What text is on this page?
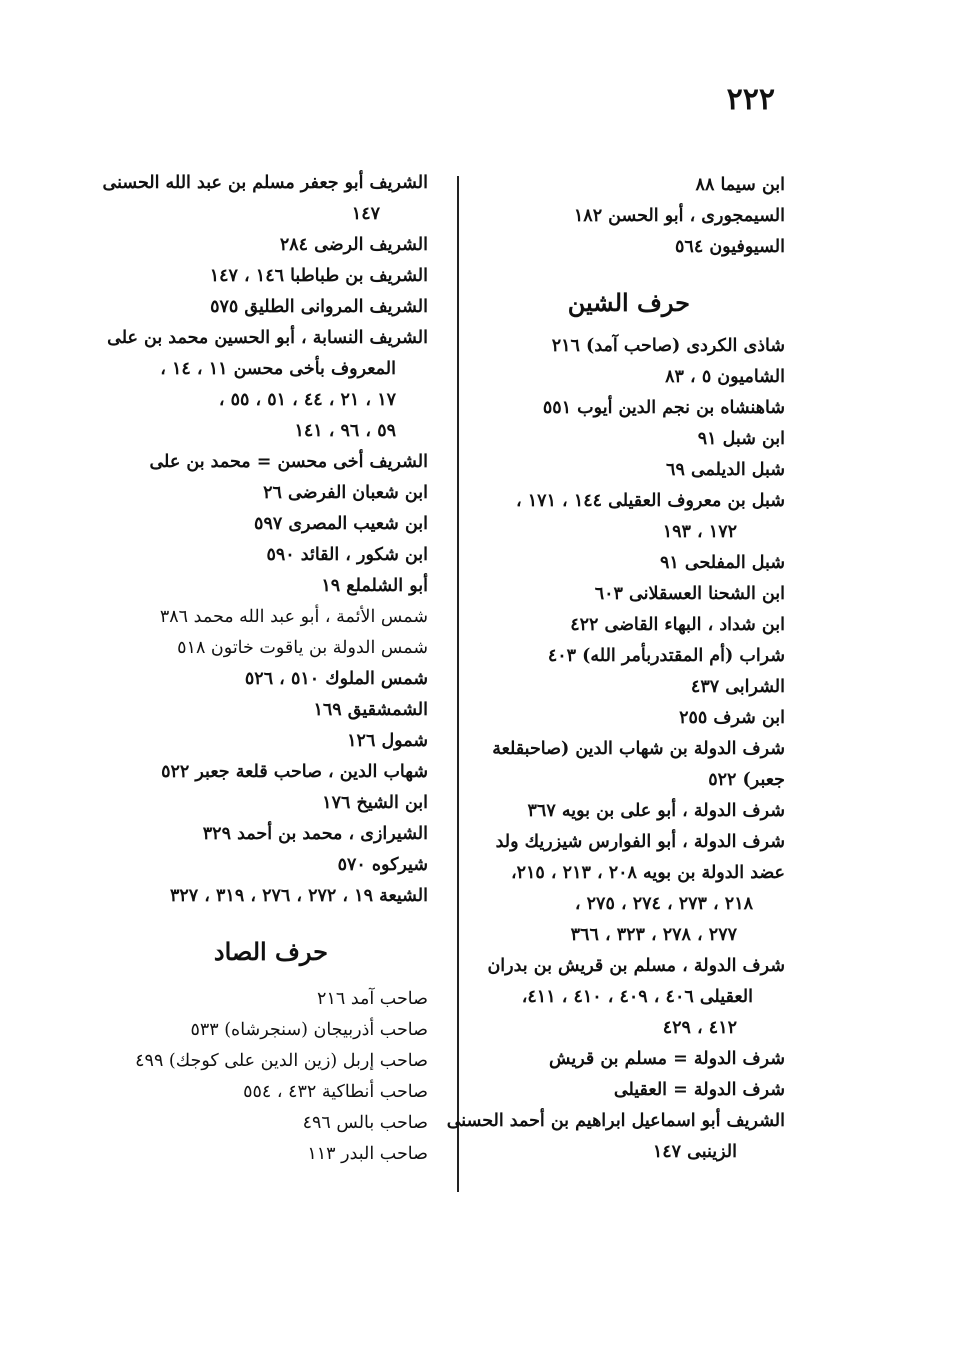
٢٢٢
ابن سيما ٨٨
السيمجورى ، أبو الحسن ١٨٢
السيوفيون ٥٦٤
حرف الشين
شاذى الكردى (صاحب آمد) ٢١٦
الشاميون ٥ ، ٨٣
شاهنشاه بن نجم الدين أيوب ٥٥١
ابن شبل ٩١
شبل الديلمى ٦٩
شبل بن معروف العقيلى ١٤٤ ، ١٧١ ،
١٧٢ ، ١٩٣
شبل المفلحى ٩١
ابن الشحنا العسقلانى ٦٠٣
ابن شداد ، البهاء القاضى ٤٢٢
شراب (أم المقتدربأمر الله) ٤٠٣
الشرابى ٤٣٧
ابن شرف ٢٥٥
شرف الدولة بن شهاب الدين (صاحبقلعة
جعبر) ٥٢٢
شرف الدولة ، أبو على بن بويه ٣٦٧
شرف الدولة ، أبو الفوارس شيزريك ولد
عضد الدولة بن بويه ٢٠٨ ، ٢١٣ ، ٢١٥،
٢١٨ ، ٢٧٣ ، ٢٧٤ ، ٢٧٥ ،
٢٧٧ ، ٢٧٨ ، ٣٢٣ ، ٣٦٦
شرف الدولة ، مسلم بن قريش بن بدران
العقيلى ٤٠٦ ، ٤٠٩ ، ٤١٠ ، ٤١١،
٤١٢ ، ٤٢٩
شرف الدولة = مسلم بن قريش
شرف الدولة = العقيلى
الشريف أبو اسماعيل ابراهيم بن أحمد الحسنى
الزينبى ١٤٧
الشريف أبو جعفر مسلم بن عبد الله الحسنى
١٤٧
الشريف الرضى ٢٨٤
الشريف بن طباطبا ١٤٦ ، ١٤٧
الشريف المروانى الطليق ٥٧٥
الشريف النسابة ، أبو الحسين محمد بن على
المعروف بأخى محسن ١١ ، ١٤ ،
١٧ ، ٢١ ، ٤٤ ، ٥١ ، ٥٥ ،
٥٩ ، ٩٦ ، ١٤١
الشريف أخى محسن = محمد بن على
ابن شعبان الفرضى ٢٦
ابن شعيب المصرى ٥٩٧
ابن شكور ، القائد ٥٩٠
أبو الشلملع ١٩
شمس الأئمة ، أبو عبد الله محمد ٣٨٦
شمس الدولة بن ياقوت خاتون ٥١٨
شمس الملوك ٥١٠ ، ٥٢٦
الشمشقيق ١٦٩
شمول ١٢٦
شهاب الدين ، صاحب قلعة جعبر ٥٢٢
ابن الشيخ ١٧٦
الشيرازى ، محمد بن أحمد ٣٢٩
شيركوه ٥٧٠
الشيعة ١٩ ، ٢٧٢ ، ٢٧٦ ، ٣١٩ ، ٣٢٧
حرف الصاد
صاحب آمد ٢١٦
صاحب أذربيجان (سنجرشاه) ٥٣٣
صاحب إربل (زين الدين على كوجك) ٤٩٩
صاحب أنطاكية ٤٣٢ ، ٥٥٤
صاحب بالس ٤٩٦
صاحب البدر ١١٣
